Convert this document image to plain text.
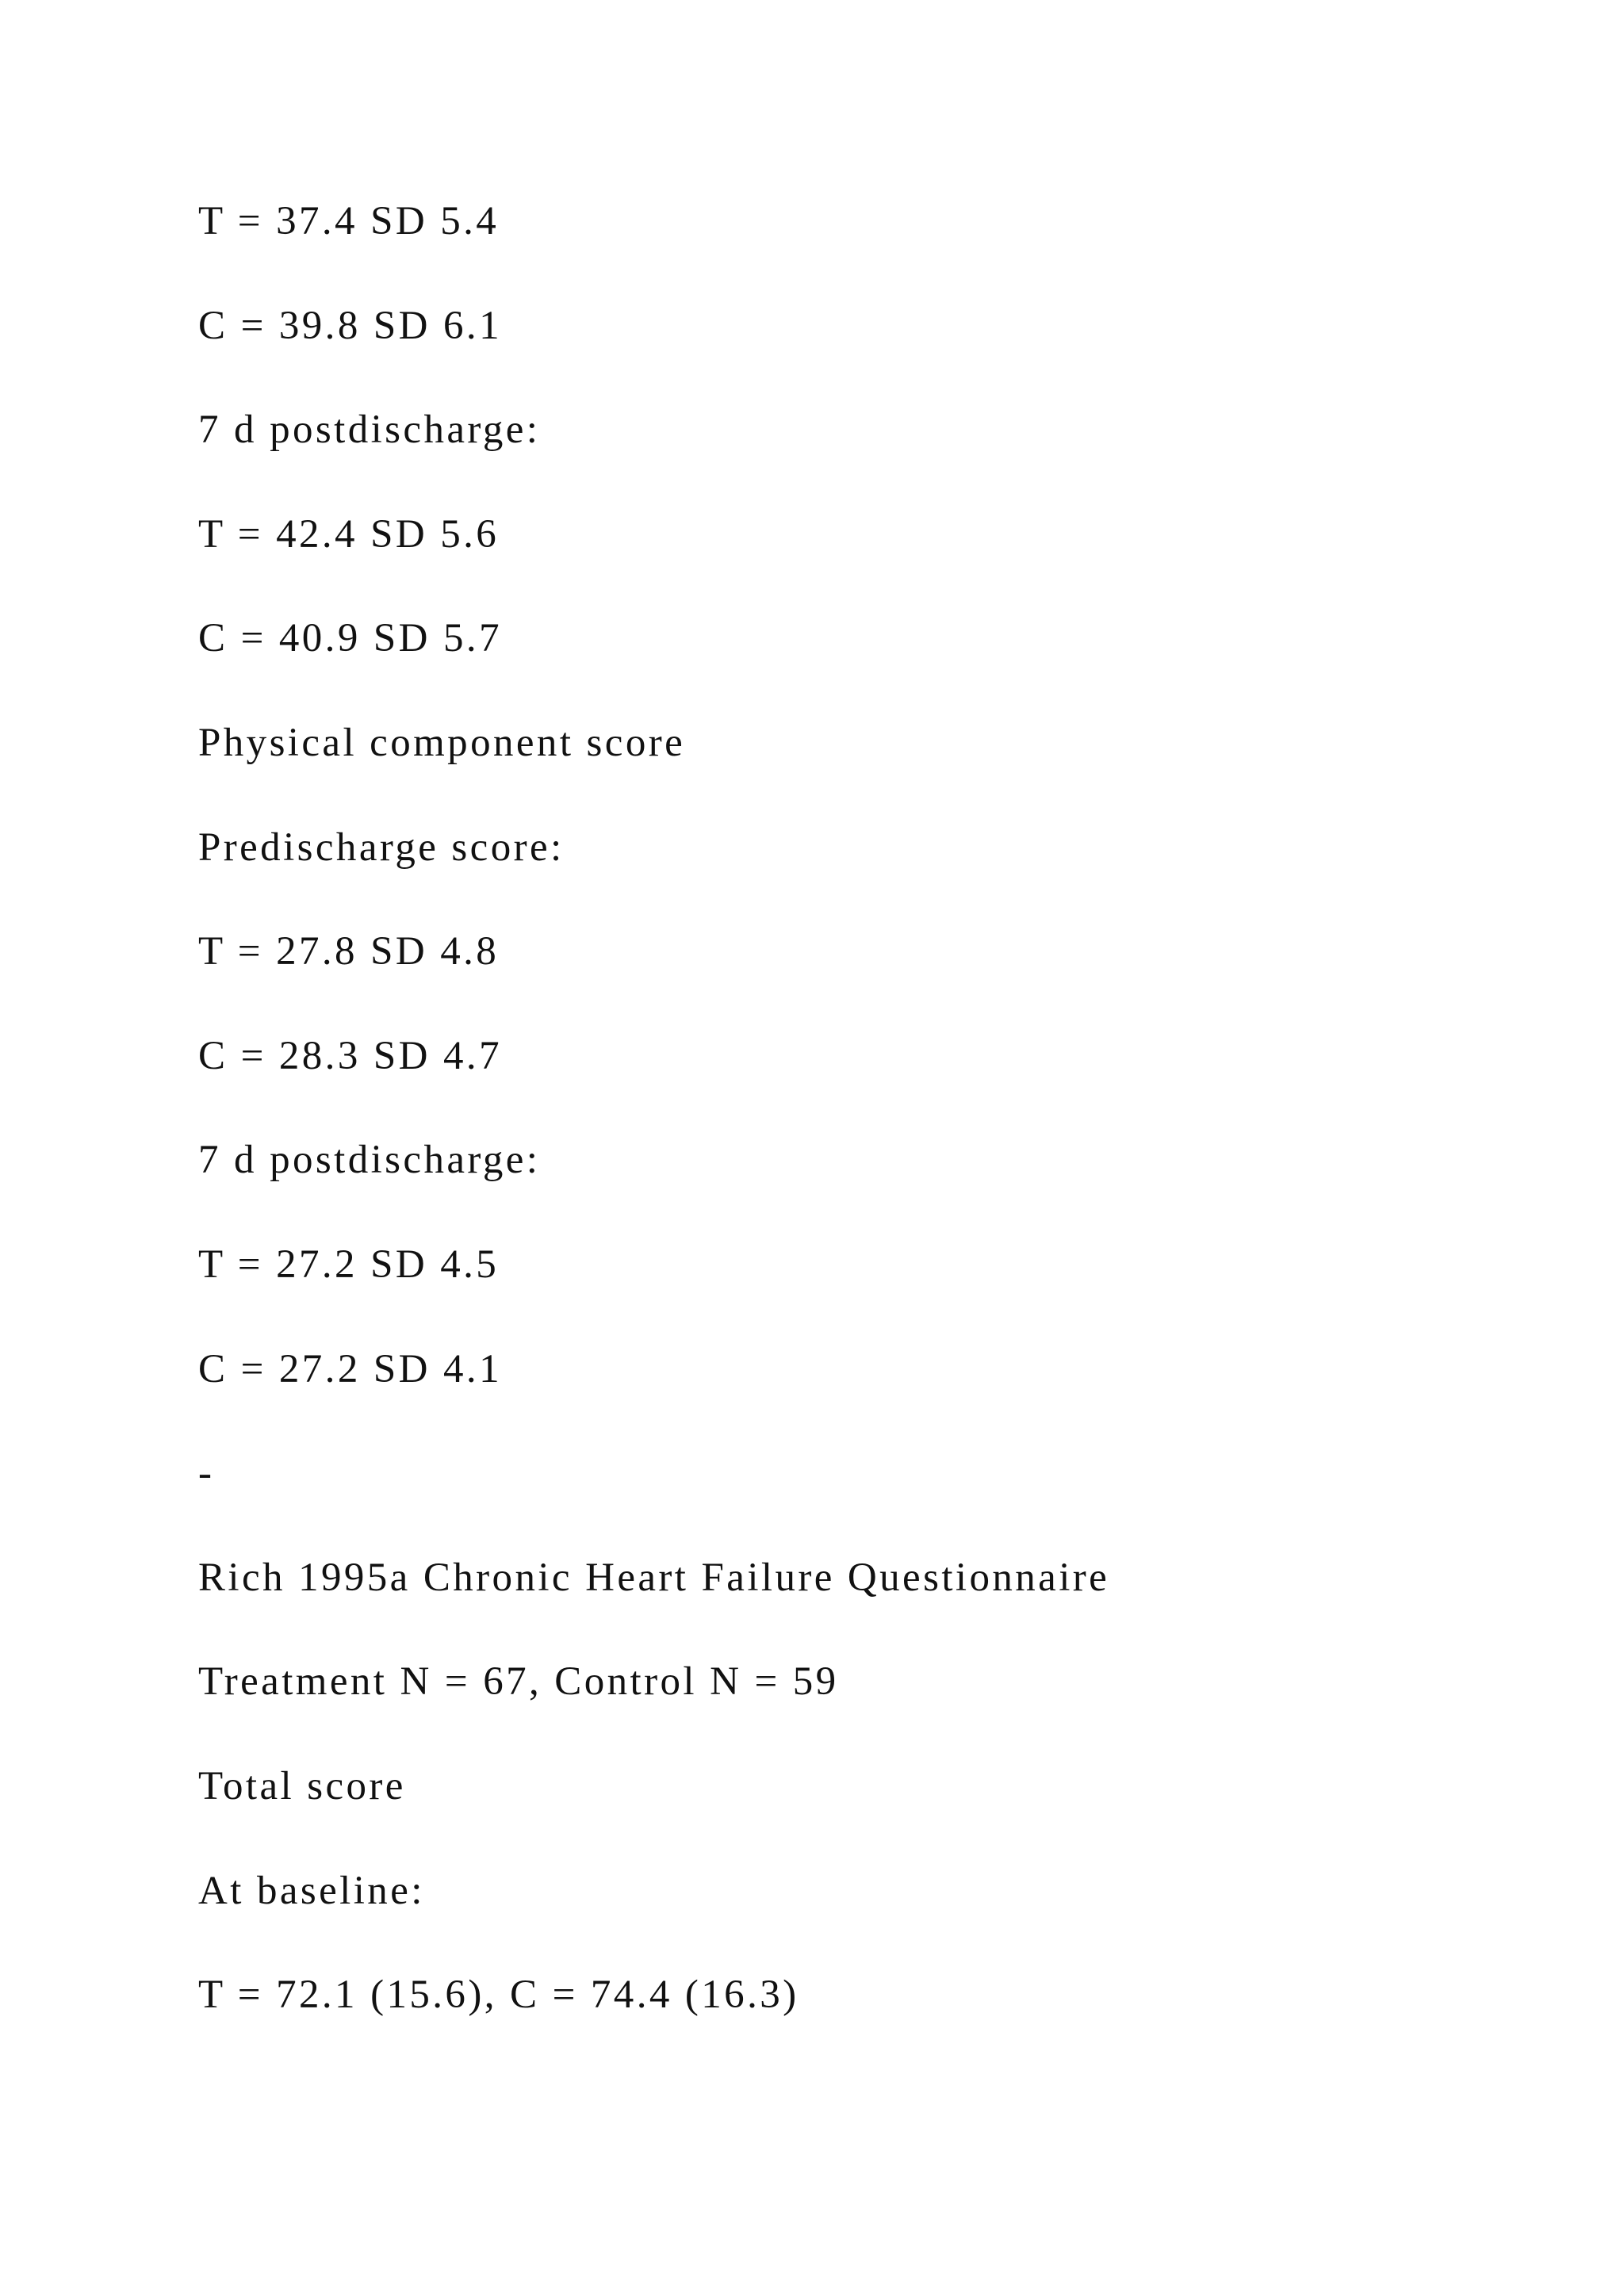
T = 37.4 SD 5.4
C = 39.8 SD 6.1
7 d postdischarge:
T = 42.4 SD 5.6
C = 40.9 SD 5.7
Physical component score
Predischarge score:
T = 27.8 SD 4.8
C = 28.3 SD 4.7
7 d postdischarge:
T = 27.2 SD 4.5
C = 27.2 SD 4.1
-
Rich 1995a Chronic Heart Failure Questionnaire
Treatment N = 67, Control N = 59
Total score
At baseline:
T = 72.1 (15.6), C = 74.4 (16.3)
